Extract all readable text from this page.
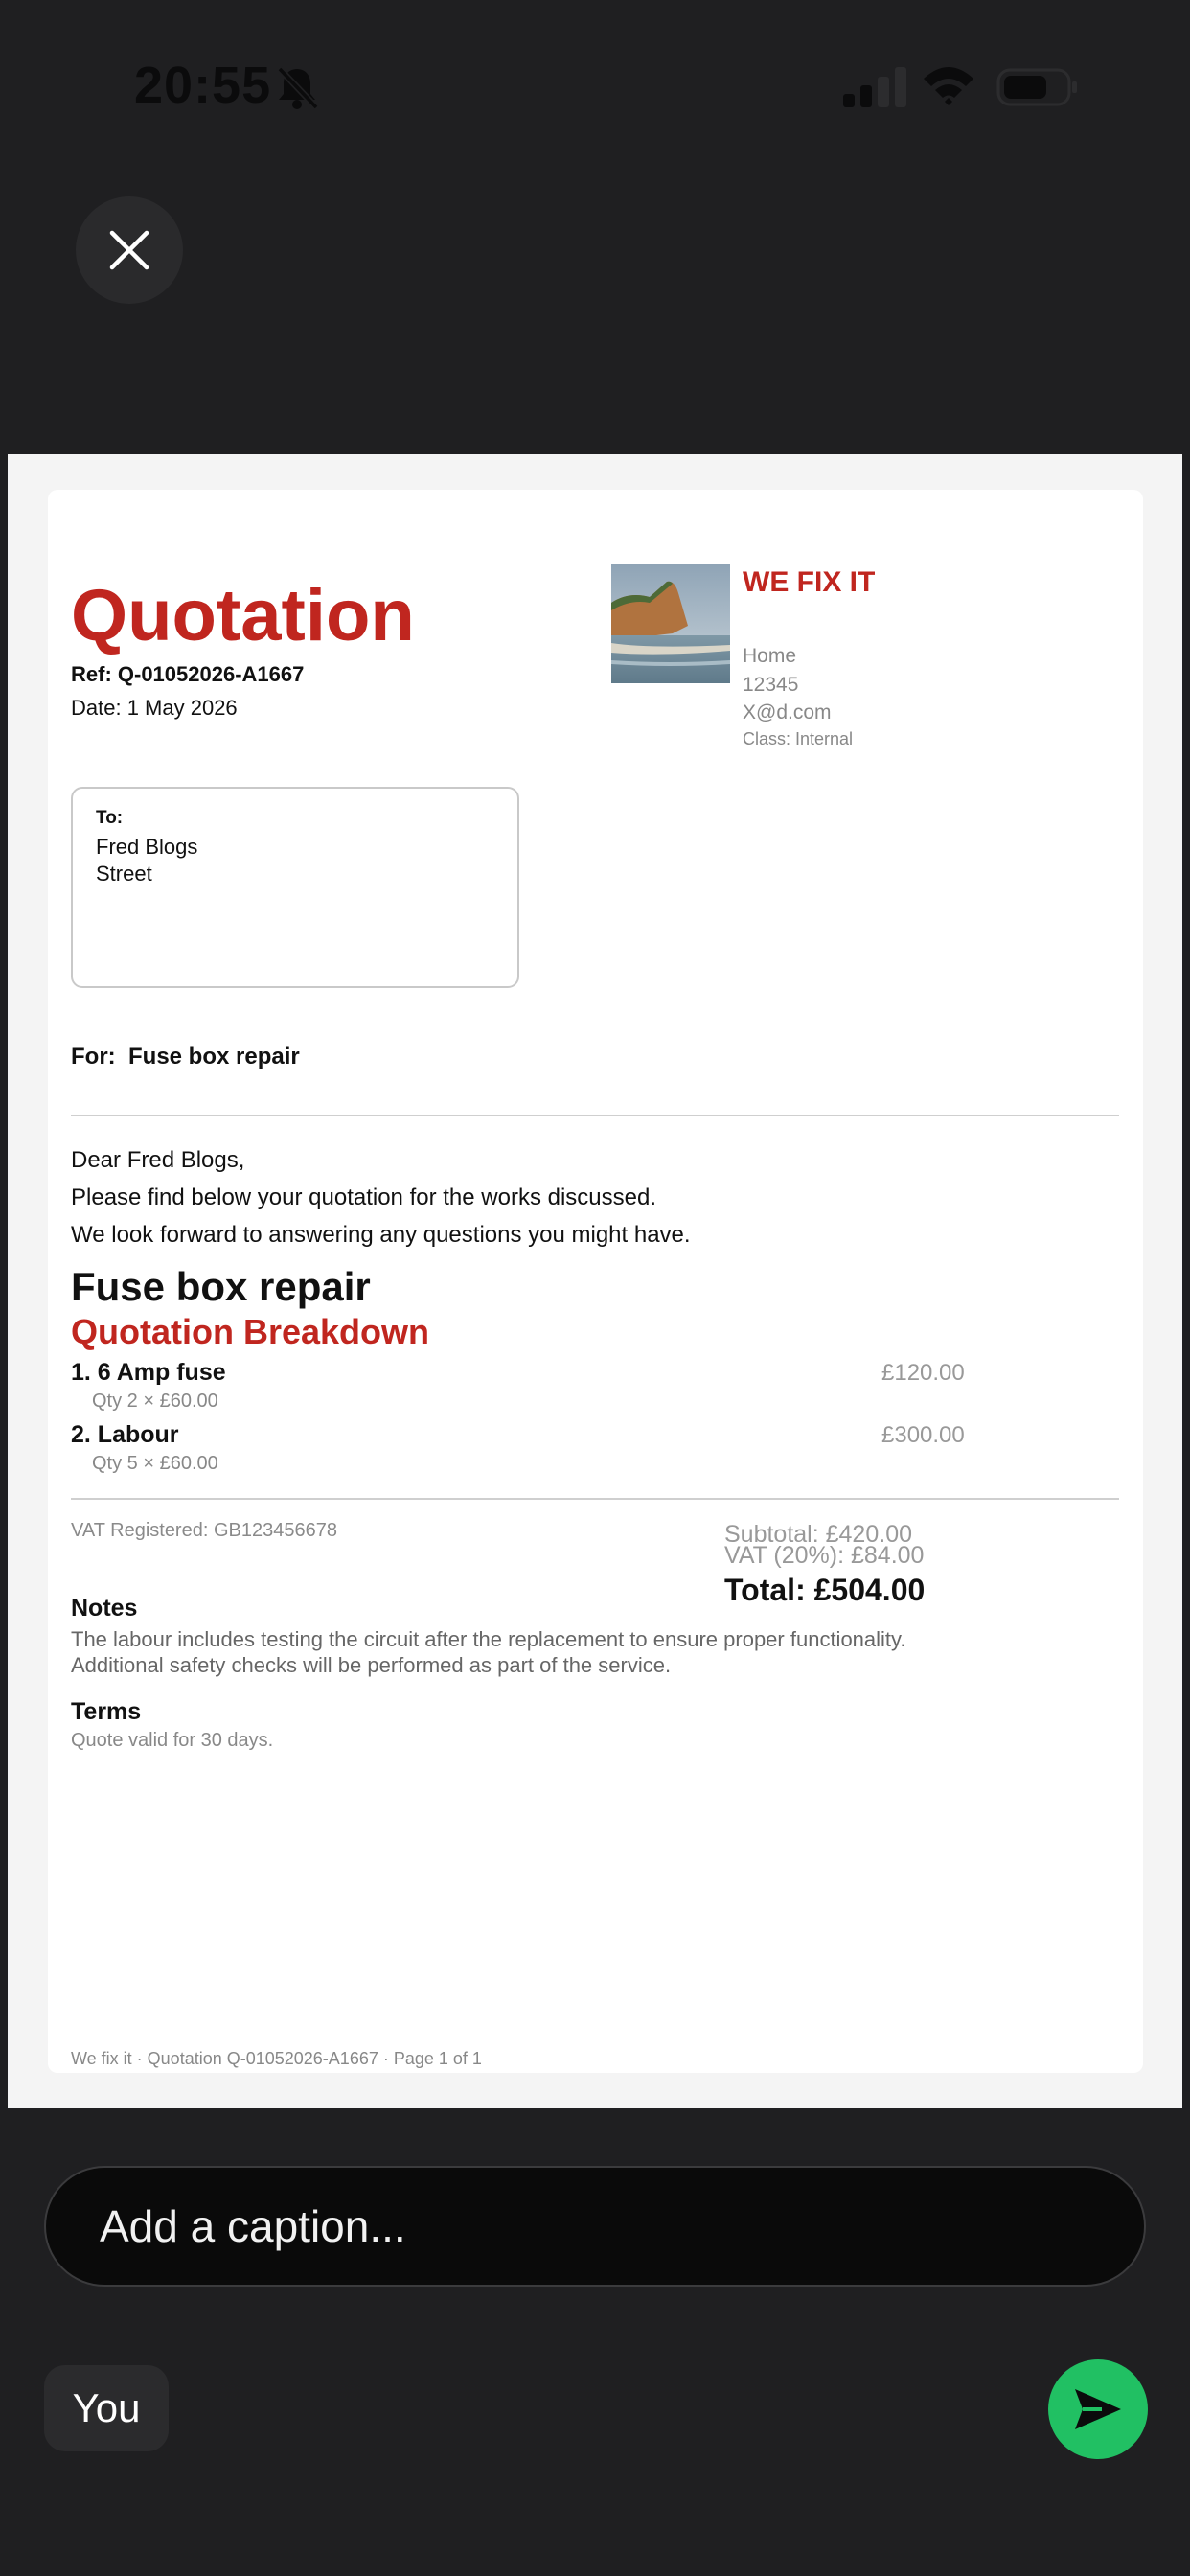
20:55
Quotation
Ref: Q-01052026-A1667
Date: 1 May 2026
WE FIX IT
Home
12345
X@d.com
Class: Internal
To:
Fred Blogs
Street
For: Fuse box repair
Dear Fred Blogs,
Please find below your quotation for the works discussed.
We look forward to answering any questions you might have.
Fuse box repair
Quotation Breakdown
1. 6 Amp fuse
Qty 2 × £60.00
£120.00
2. Labour
Qty 5 × £60.00
£300.00
VAT Registered: GB123456678	Subtotal: £420.00
VAT (20%): £84.00
Total: £504.00
Notes
The labour includes testing the circuit after the replacement to ensure proper functionality.
Additional safety checks will be performed as part of the service.
Terms
Quote valid for 30 days.
We fix it · Quotation Q-01052026-A1667 · Page 1 of 1
Add a caption...
You
